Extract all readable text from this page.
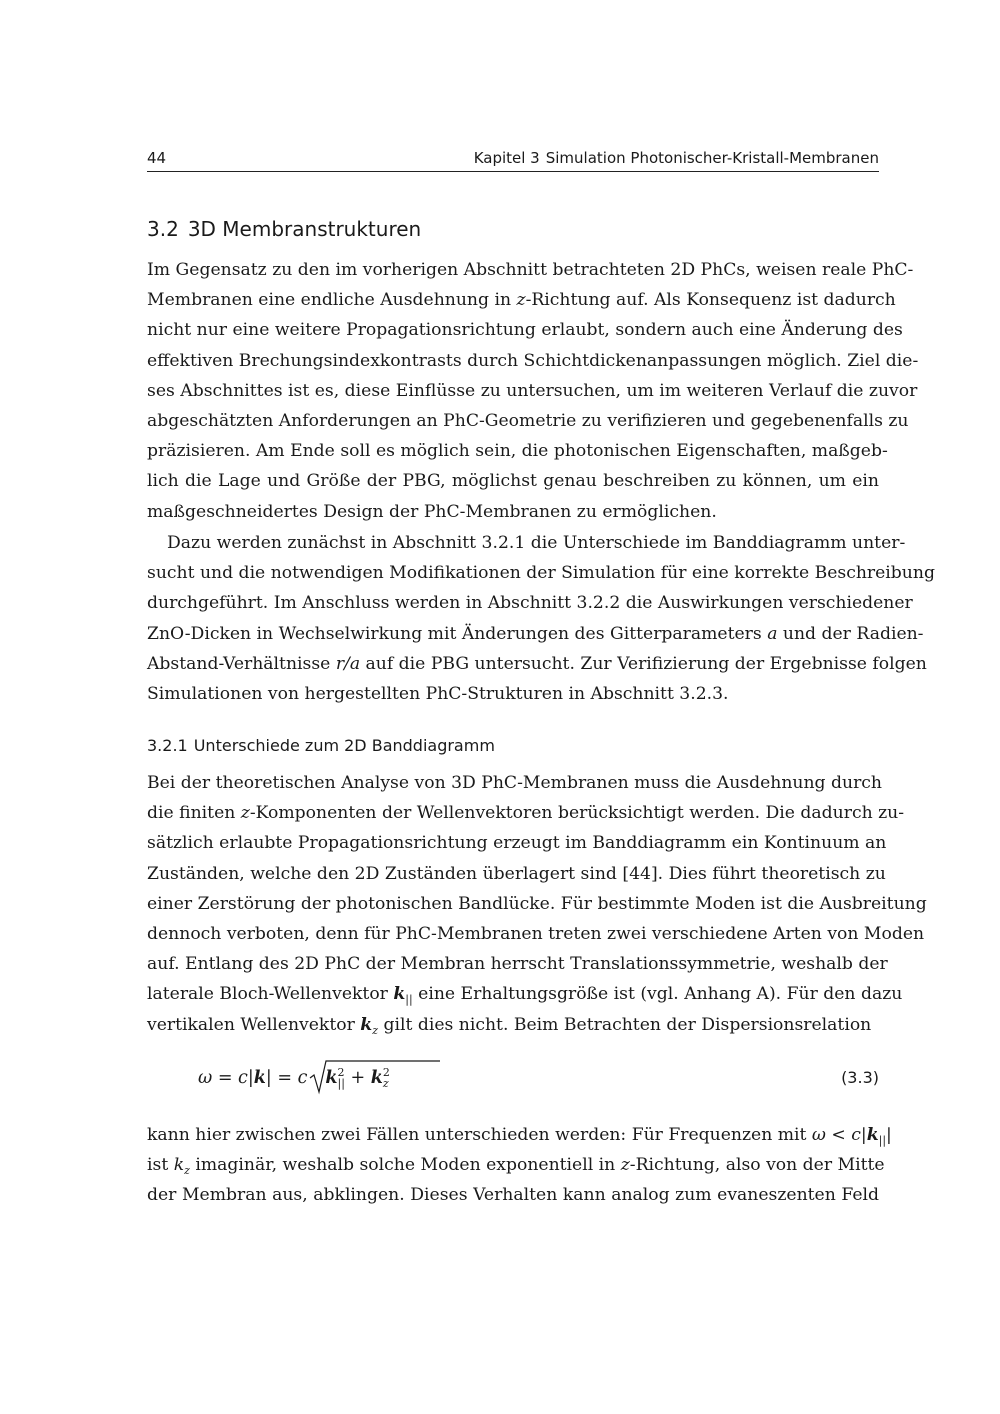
44	Kapitel 3 Simulation Photonischer-Kristall-Membranen
3.2 3D Membranstrukturen
Im Gegensatz zu den im vorherigen Abschnitt betrachteten 2D PhCs, weisen reale PhC-
Membranen eine endliche Ausdehnung in z-Richtung auf. Als Konsequenz ist dadurch
nicht nur eine weitere Propagationsrichtung erlaubt, sondern auch eine Änderung des
effektiven Brechungsindexkontrasts durch Schichtdickenanpassungen möglich. Ziel die-
ses Abschnittes ist es, diese Einflüsse zu untersuchen, um im weiteren Verlauf die zuvor
abgeschätzten Anforderungen an PhC-Geometrie zu verifizieren und gegebenenfalls zu
präzisieren. Am Ende soll es möglich sein, die photonischen Eigenschaften, maßgeb-
lich die Lage und Größe der PBG, möglichst genau beschreiben zu können, um ein
maßgeschneidertes Design der PhC-Membranen zu ermöglichen.
Dazu werden zunächst in Abschnitt 3.2.1 die Unterschiede im Banddiagramm unter-
sucht und die notwendigen Modifikationen der Simulation für eine korrekte Beschreibung
durchgeführt. Im Anschluss werden in Abschnitt 3.2.2 die Auswirkungen verschiedener
ZnO-Dicken in Wechselwirkung mit Änderungen des Gitterparameters a und der Radien-
Abstand-Verhältnisse r/a auf die PBG untersucht. Zur Verifizierung der Ergebnisse folgen
Simulationen von hergestellten PhC-Strukturen in Abschnitt 3.2.3.
3.2.1 Unterschiede zum 2D Banddiagramm
Bei der theoretischen Analyse von 3D PhC-Membranen muss die Ausdehnung durch
die finiten z-Komponenten der Wellenvektoren berücksichtigt werden. Die dadurch zu-
sätzlich erlaubte Propagationsrichtung erzeugt im Banddiagramm ein Kontinuum an
Zuständen, welche den 2D Zuständen überlagert sind [44]. Dies führt theoretisch zu
einer Zerstörung der photonischen Bandlücke. Für bestimmte Moden ist die Ausbreitung
dennoch verboten, denn für PhC-Membranen treten zwei verschiedene Arten von Moden
auf. Entlang des 2D PhC der Membran herrscht Translationssymmetrie, weshalb der
laterale Bloch-Wellenvektor $k_{||}$ eine Erhaltungsgröße ist (vgl. Anhang A). Für den dazu
vertikalen Wellenvektor $k_z$ gilt dies nicht. Beim Betrachten der Dispersionsrelation
ω = c|k| = c $k^2_{||} + k^2_z$	(3.3)
kann hier zwischen zwei Fällen unterschieden werden: Für Frequenzen mit $\omega < c|k_{||}|$
ist $k_z$ imaginär, weshalb solche Moden exponentiell in z-Richtung, also von der Mitte
der Membran aus, abklingen. Dieses Verhalten kann analog zum evaneszenten Feld
